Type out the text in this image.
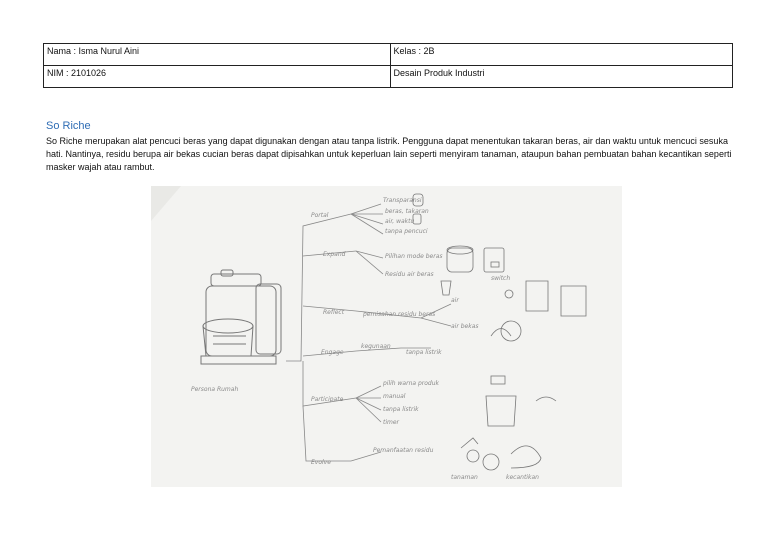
Nama : Isma Nurul Aini	Kelas : 2B
NIM : 2101026	Desain Produk Industri
So Riche

So Riche merupakan alat pencuci beras yang dapat digunakan dengan atau tanpa listrik. Pengguna dapat menentukan takaran beras, air dan waktu untuk mencuci sesuka hati. Nantinya, residu berupa air bekas cucian beras dapat dipisahkan untuk keperluan lain seperti menyiram tanaman, ataupun bahan pembuatan bahan kecantikan seperti masker wajah atau rambut.

Persona Rumah
Portal
Expand
Reflect
Engage
Participate
Evolve
Transparansi
beras, takaran
air, waktu
tanpa pencuci
Pilihan mode beras
Residu air beras
pemisahan residu beras
air
air bekas
kegunaan
tanpa listrik
pilih warna produk
manual
tanpa listrik
timer
Pemanfaatan residu
tanaman	kecantikan
switch
